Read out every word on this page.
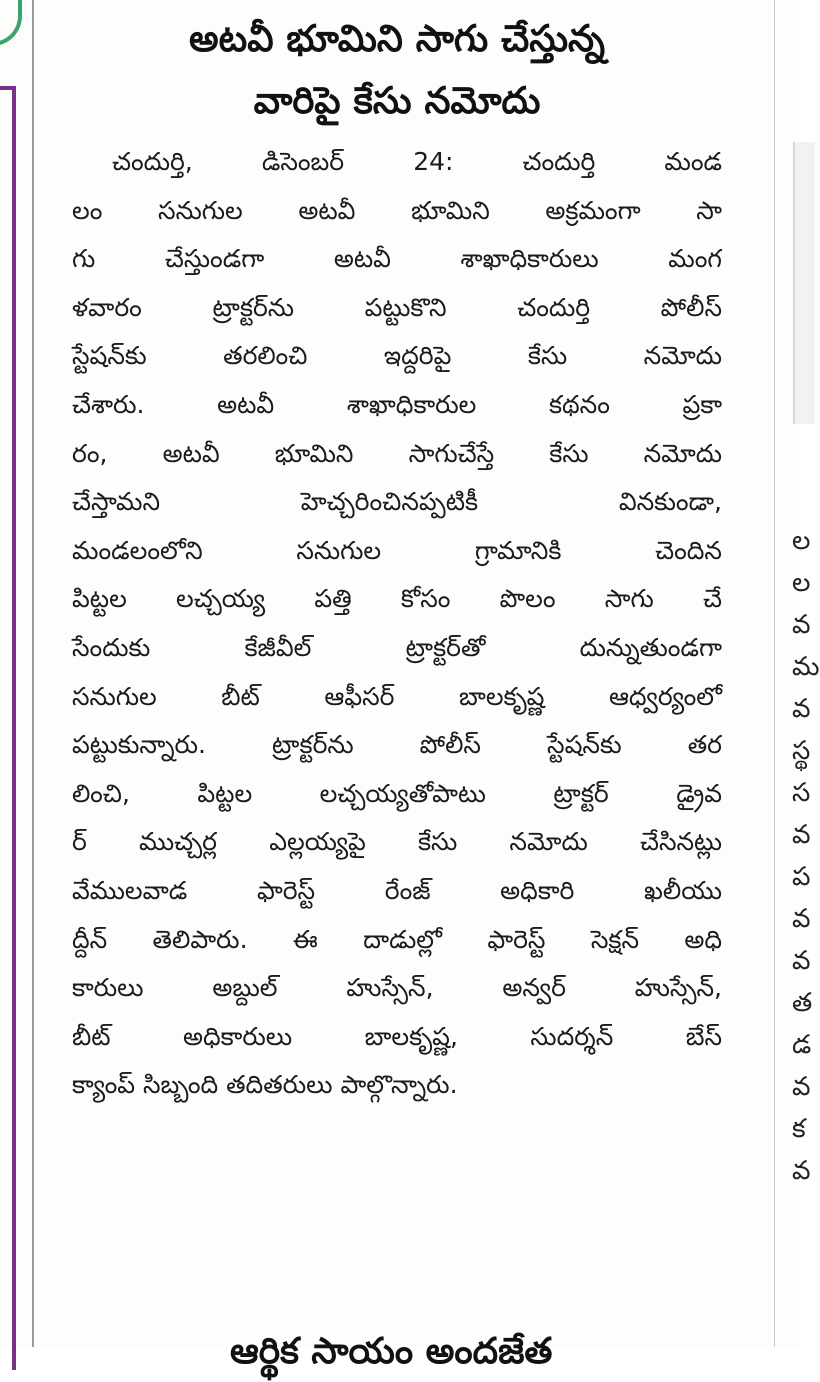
ల
ల
వ
మ
వ
స్థ
స
వ
ప
వ
వ
త
డ
వ
క
వ
అటవీ భూమిని సాగు చేస్తున్న
వారిపై కేసు నమోదు
చందుర్తి, డిసెంబర్ 24: చందుర్తి మండ
లం సనుగుల అటవీ భూమిని అక్రమంగా సా
గు చేస్తుండగా అటవీ శాఖాధికారులు మంగ
ళవారం ట్రాక్టర్‌ను పట్టుకొని చందుర్తి పోలీస్
స్టేషన్‌కు తరలించి ఇద్దరిపై కేసు నమోదు
చేశారు. అటవీ శాఖాధికారుల కథనం ప్రకా
రం, అటవీ భూమిని సాగుచేస్తే కేసు నమోదు
చేస్తామని హెచ్చరించినప్పటికీ వినకుండా,
మండలంలోని సనుగుల గ్రామానికి చెందిన
పిట్టల లచ్చయ్య పత్తి కోసం పొలం సాగు చే
సేందుకు కేజీవీల్ ట్రాక్టర్‌తో దున్నుతుండగా
సనుగుల బీట్ ఆఫీసర్ బాలకృష్ణ ఆధ్వర్యంలో
పట్టుకున్నారు. ట్రాక్టర్‌ను పోలీస్ స్టేషన్‌కు తర
లించి, పిట్టల లచ్చయ్యతోపాటు ట్రాక్టర్ డ్రైవ
ర్ ముచ్చర్ల ఎల్లయ్యపై కేసు నమోదు చేసినట్లు
వేములవాడ ఫారెస్ట్ రేంజ్ అధికారి ఖలీయు
ద్దీన్ తెలిపారు. ఈ దాడుల్లో ఫారెస్ట్ సెక్షన్ అధి
కారులు అబ్దుల్ హుస్సేన్, అన్వర్ హుస్సేన్,
బీట్ అధికారులు బాలకృష్ణ, సుదర్శన్ బేస్
క్యాంప్ సిబ్బంది తదితరులు పాల్గొన్నారు.
ఆర్థిక సాయం అందజేత
